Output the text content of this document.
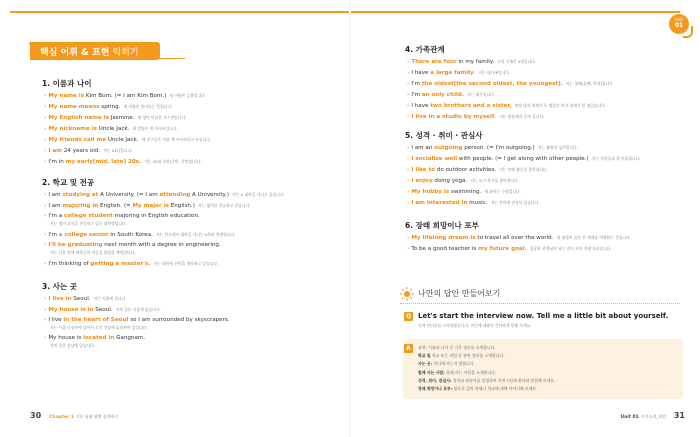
Unit
01
✦
핵심 어휘 & 표현 익히기
1. 이름과 나이
› My name is Kim Bom. (= I am Kim Bom.) 제 이름은 김봄입니다.
› My name means spring. 제 이름은 봄이라는 뜻입니다.
› My English name is Jasmine. 제 영어 이름은 자스민입니다.
› My nickname is Uncle Jack. 제 별명은 잭 아저씨입니다.
› My friends call me Uncle Jack. 제 친구들은 저를 잭 아저씨라고 부릅니다.
› I am 24 years old. 저는 24살입니다.
› I'm in my early[mid, late] 20s. 저는 20대 초반[중반, 후반]입니다.
2. 학교 및 전공
› I am studying at A University. (= I am attending A University.) 저는 A 대학을 다니고 있습니다.
› I am majoring in English. (= My major is English.) 저는 영어를 전공하고 있습니다.
› I'm a college student majoring in English education.
저는 영어 교육을 전공하고 있는 대학생입니다.
› I'm a college senior in South Korea. 저는 한국에서 대학을 다니는 4학년 학생입니다.
› I'll be graduating next month with a degree in engineering.
저는 다음 달에 화학공학 전공을 졸업할 예정입니다.
› I'm thinking of getting a master's. 저는 대학원 진학을 생각하고 있습니다.
3. 사는 곳
› I live in Seoul. 저는 서울에 삽니다.
› My house is in Seoul. 저희 집은 서울에 있습니다.
› I live in the heart of Seoul so I am surrounded by skyscrapers.
저는 서울 중심부에 살아서 고층 건물에 둘러싸여 있습니다.
› My house is located in Gangnam.
저의 집은 강남에 있습니다.
4. 가족관계
› There are four in my family. 우리 가족은 4명입니다.
› I have a large family. 저는 대가족입니다.
› I'm the oldest[the second oldest, the youngest]. 저는 첫째[둘째, 막내]입니다.
› I'm an only child. 저는 외동입니다.
› I have two brothers and a sister, 제겐 남자 형제가 두 명있고 여자 형제가 한 명있습니다.
› I live in a studio by myself. 저는 원룸에서 혼자 삽니다.
5. 성격 · 취미 · 관심사
› I am an outgoing person. (= I'm outgoing.) 저는 활발한 성격입니다.
› I socialize well with people. (= I get along with other people.) 저는 사람들과 잘 어울립니다.
› I like to do outdoor activities. 저는 야외 활동을 좋아합니다.
› I enjoy doing yoga. 저는 요가 하기를 좋아합니다.
› My hobby is swimming. 제 취미는 수영입니다.
› I am interested in music. 저는 음악에 관심이 있습니다.
6. 장래 희망이나 포부
› My lifelong dream is to travel all over the world. 제 평생의 꿈은 전 세계를 여행하는 것입니다.
› To be a good teacher is my future goal. 훌륭한 선생님이 되는 것이 저의 미래 목표입니다.
나만의 답안 만들어보기
Q Let's start the interview now. Tell me a little bit about yourself.
이제 인터뷰를 시작하겠습니다. 자신에 대해서 간단하게 말해 주세요.
A	유형: 이름과 나이 등 기본 정보를 소개합니다.
학교 및 학교 또는 직업 등 관련 정보를 소개합니다.
사는 곳: 어디에 사는지 말합니다.
함께 사는 사람: 함께 사는 사람을 소개합니다.
성격, 취미, 관심사: 성격과 관심사를 설명하여 자연스럽게 취미와 연결해 보세요.
장래 희망이나 포부: 앞으로 일의 형태나 학교에 대해 이야기해 보세요.
30 Chapter 1 기본 유형 답변 공략하기	Unit 01 자기소개_직업 31
